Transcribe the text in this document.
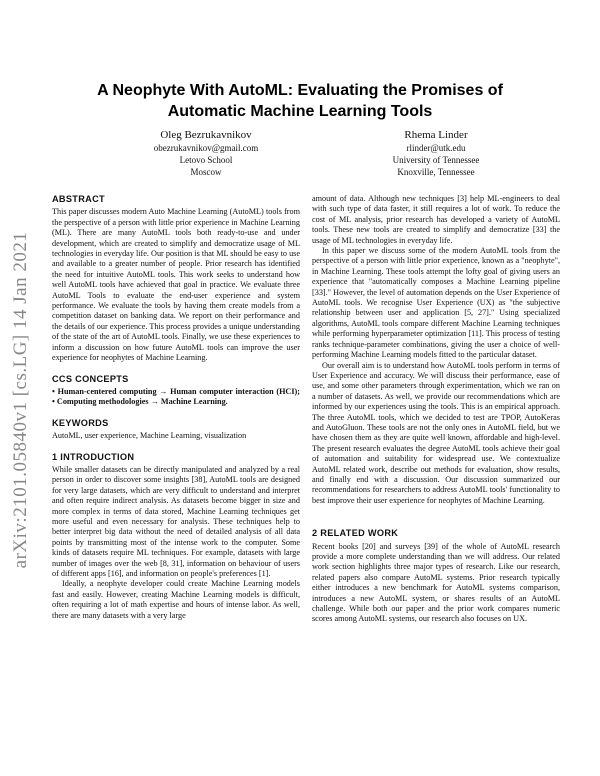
arXiv:2101.05840v1 [cs.LG] 14 Jan 2021
A Neophyte With AutoML: Evaluating the Promises of
Automatic Machine Learning Tools
Oleg Bezrukavnikov
obezrukavnikov@gmail.com
Letovo School
Moscow
Rhema Linder
rlinder@utk.edu
University of Tennessee
Knoxville, Tennessee
ABSTRACT

This paper discusses modern Auto Machine Learning (AutoML) tools from the perspective of a person with little prior experience in Machine Learning (ML). There are many AutoML tools both ready-to-use and under development, which are created to simplify and democratize usage of ML technologies in everyday life. Our position is that ML should be easy to use and available to a greater number of people. Prior research has identified the need for intuitive AutoML tools. This work seeks to understand how well AutoML tools have achieved that goal in practice. We evaluate three AutoML Tools to evaluate the end-user experience and system performance. We evaluate the tools by having them create models from a competition dataset on banking data. We report on their performance and the details of our experience. This process provides a unique understanding of the state of the art of AutoML tools. Finally, we use these experiences to inform a discussion on how future AutoML tools can improve the user experience for neophytes of Machine Learning.

CCS CONCEPTS

• Human-centered computing → Human computer interaction (HCI); • Computing methodologies → Machine Learning.

KEYWORDS

AutoML, user experience, Machine Learning, visualization

1 INTRODUCTION

While smaller datasets can be directly manipulated and analyzed by a real person in order to discover some insights [38], AutoML tools are designed for very large datasets, which are very difficult to understand and interpret and often require indirect analysis. As datasets become bigger in size and more complex in terms of data stored, Machine Learning techniques get more useful and even necessary for analysis. These techniques help to better interpret big data without the need of detailed analysis of all data points by transmitting most of the intense work to the computer. Some kinds of datasets require ML techniques. For example, datasets with large number of images over the web [8, 31], information on behaviour of users of different apps [16], and information on people's preferences [1].

Ideally, a neophyte developer could create Machine Learning models fast and easily. However, creating Machine Learning models is difficult, often requiring a lot of math expertise and hours of intense labor. As well, there are many datasets with a very large

amount of data. Although new techniques [3] help ML-engineers to deal with such type of data faster, it still requires a lot of work. To reduce the cost of ML analysis, prior research has developed a variety of AutoML tools. These new tools are created to simplify and democratize [33] the usage of ML technologies in everyday life.

In this paper we discuss some of the modern AutoML tools from the perspective of a person with little prior experience, known as a "neophyte", in Machine Learning. These tools attempt the lofty goal of giving users an experience that "automatically composes a Machine Learning pipeline [33]." However, the level of automation depends on the User Experience of AutoML tools. We recognise User Experience (UX) as "the subjective relationship between user and application [5, 27]." Using specialized algorithms, AutoML tools compare different Machine Learning techniques while performing hyperparameter optimization [11]. This process of testing ranks technique-parameter combinations, giving the user a choice of well-performing Machine Learning models fitted to the particular dataset.

Our overall aim is to understand how AutoML tools perform in terms of User Experience and accuracy. We will discuss their performance, ease of use, and some other parameters through experimentation, which we ran on a number of datasets. As well, we provide our recommendations which are informed by our experiences using the tools. This is an empirical approach. The three AutoML tools, which we decided to test are TPOP, AutoKeras and AutoGluon. These tools are not the only ones in AutoML field, but we have chosen them as they are quite well known, affordable and high-level. The present research evaluates the degree AutoML tools achieve their goal of automation and suitability for widespread use. We contextualize AutoML related work, describe out methods for evaluation, show results, and finally end with a discussion. Our discussion summarized our recommendations for researchers to address AutoML tools' functionality to best improve their user experience for neophytes of Machine Learning.

2 RELATED WORK

Recent books [20] and surveys [39] of the whole of AutoML research provide a more complete understanding than we will address. Our related work section highlights three major types of research. Like our research, related papers also compare AutoML systems. Prior research typically either introduces a new benchmark for AutoML systems comparison, introduces a new AutoML system, or shares results of an AutoML challenge. While both our paper and the prior work compares numeric scores among AutoML systems, our research also focuses on UX.
